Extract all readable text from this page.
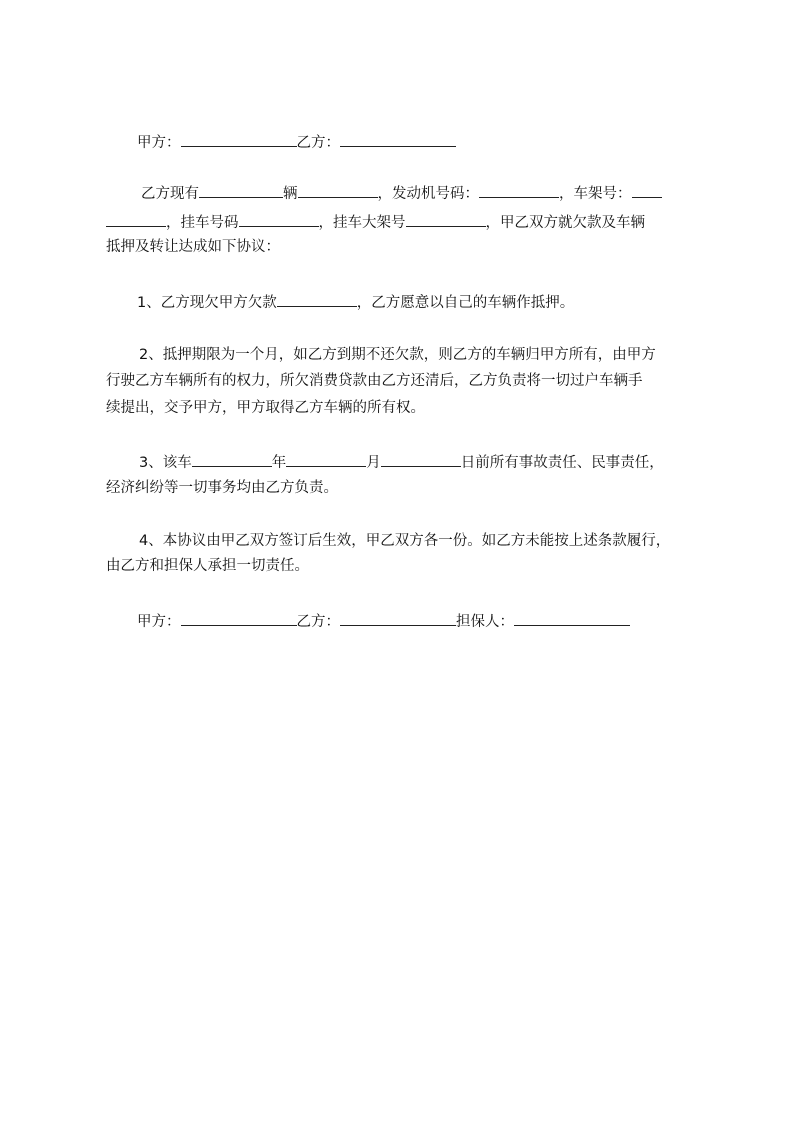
甲方：	乙方：
乙方现有	辆	，发动机号码：	，车架号：
，挂车号码	，挂车大架号	，甲乙双方就欠款及车辆
抵押及转让达成如下协议：
1、乙方现欠甲方欠款	，乙方愿意以自己的车辆作抵押。
2、抵押期限为一个月，如乙方到期不还欠款，则乙方的车辆归甲方所有，由甲方
行驶乙方车辆所有的权力，所欠消费贷款由乙方还清后，乙方负责将一切过户车辆手
续提出，交予甲方，甲方取得乙方车辆的所有权。
3、该车	年	月	日前所有事故责任、民事责任，
经济纠纷等一切事务均由乙方负责。
4、本协议由甲乙双方签订后生效，甲乙双方各一份。如乙方未能按上述条款履行，
由乙方和担保人承担一切责任。
甲方：	乙方：	担保人：
